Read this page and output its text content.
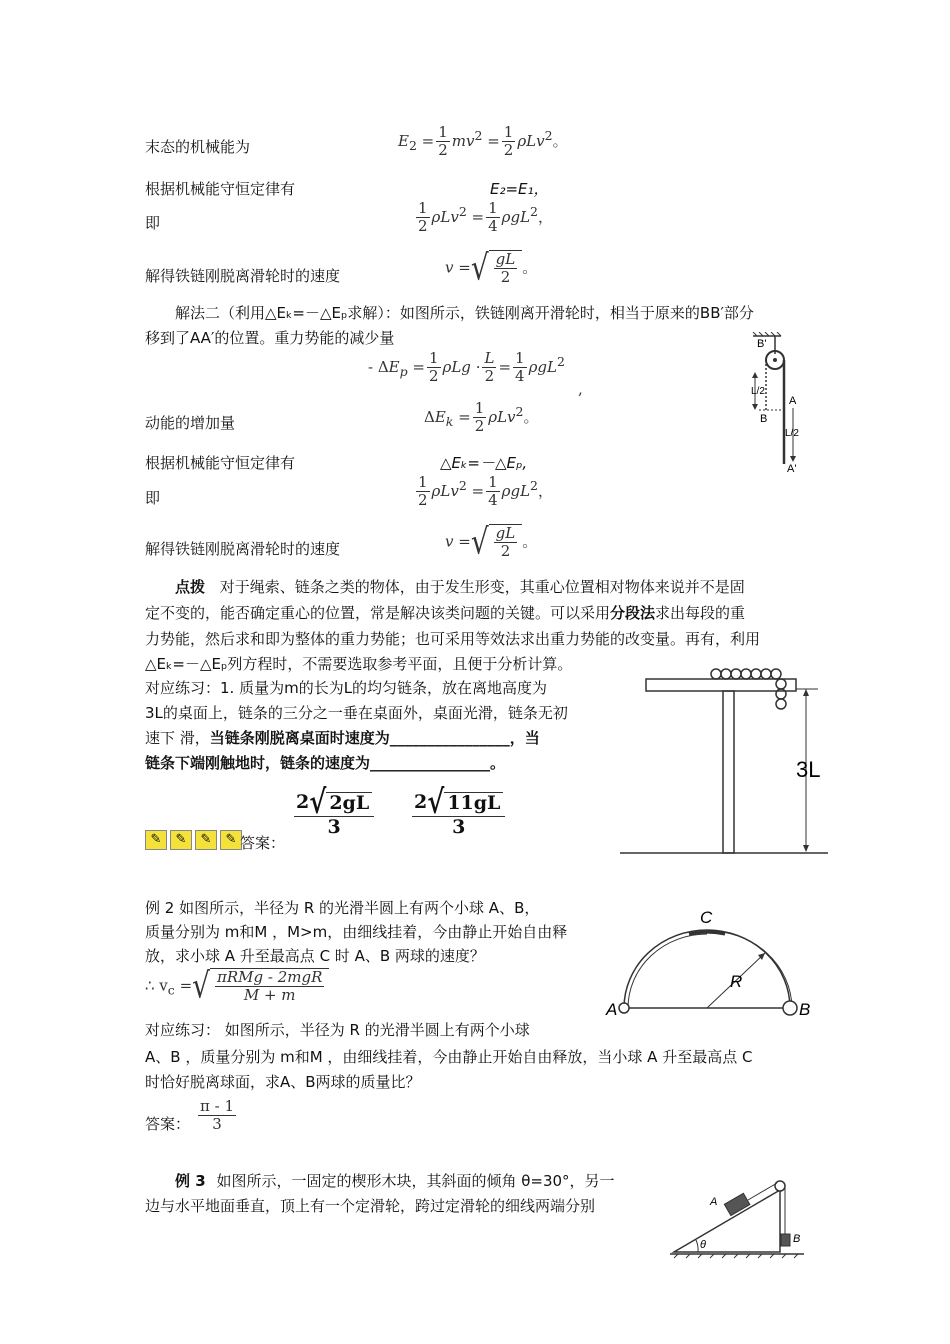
末态的机械能为	$E_2 = \frac{1}{2} mv^2 = \frac{1}{2} \rho Lv^2$。
根据机械能守恒定律有	E₂=E₁，
即	$\frac{1}{2} \rho Lv^2 = \frac{1}{4} \rho gL^2$，
解得铁链刚脱离滑轮时的速度	v = √ $\frac{gL}{2}$ 。
解法二（利用△Eₖ=－△Eₚ求解）：如图所示，铁链刚离开滑轮时，相当于原来的BB′部分
移到了AA′的位置。重力势能的减少量
- $\Delta E_p = \frac{1}{2}$ $\rho Lg \cdot \frac{L}{2} = \frac{1}{4} \rho gL^2$
,
B'
L/2
B
A
L/2
A'
动能的增加量	$\Delta E_k = \frac{1}{2} \rho Lv^2$。
根据机械能守恒定律有	△Eₖ=－△Eₚ,
即	$\frac{1}{2} \rho Lv^2 = \frac{1}{4} \rho gL^2$，
解得铁链刚脱离滑轮时的速度	v = √ $\frac{gL}{2}$ 。
点拨 对于绳索、链条之类的物体，由于发生形变，其重心位置相对物体来说并不是固
定不变的，能否确定重心的位置，常是解决该类问题的关键。可以采用分段法求出每段的重
力势能，然后求和即为整体的重力势能；也可采用等效法求出重力势能的改变量。再有，利用
△Eₖ=－△Eₚ列方程时，不需要选取参考平面，且便于分析计算。
对应练习：1. 质量为m的长为L的均匀链条，放在离地高度为
3L的桌面上，链条的三分之一垂在桌面外，桌面光滑，链条无初
速下 滑，当链条刚脱离桌面时速度为________________，当
链条下端刚触地时，链条的速度为________________。
✎	✎	✎	✎ 答案：
$\frac{2 √ 2gL}{3} \frac{2 √ 11gL}{3}$
3L
例 2 如图所示，半径为 R 的光滑半圆上有两个小球 A、B，
质量分别为 m和M ，M>m，由细线挂着，今由静止开始自由释
放，求小球 A 升至最高点 C 时 A、B 两球的速度？
∴ $v_c$ = √ $\frac{\text{πRMg - 2mgR}}{M + m}$
C
R
A	B
对应练习： 如图所示，半径为 R 的光滑半圆上有两个小球
A、B ，质量分别为 m和M ，由细线挂着，今由静止开始自由释放，当小球 A 升至最高点 C
时恰好脱离球面，求A、B两球的质量比？
答案： $\frac{\pi - 1}{3}$
例 3 如图所示，一固定的楔形木块，其斜面的倾角 θ=30°，另一
边与水平地面垂直，顶上有一个定滑轮，跨过定滑轮的细线两端分别	A
θ	B
